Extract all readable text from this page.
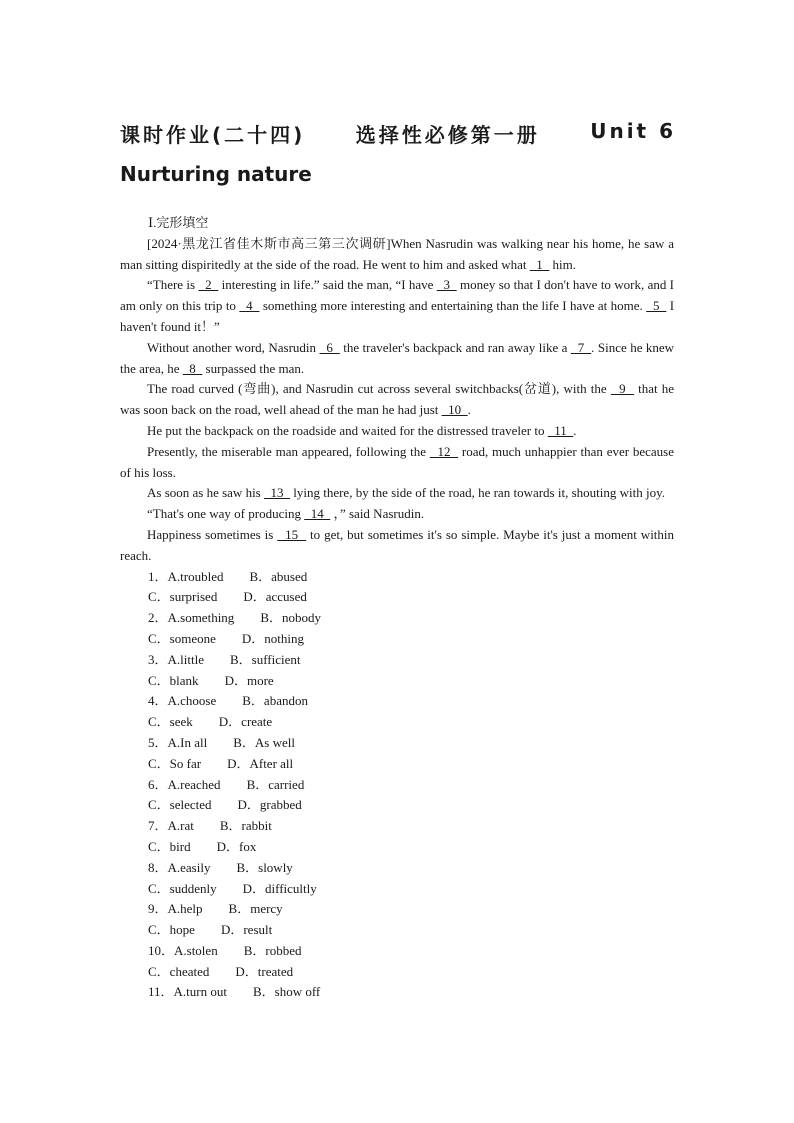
课时作业(二十四)	选择性必修第一册	Unit 6
Nurturing nature

Ⅰ.完形填空

[2024·黑龙江省佳木斯市高三第三次调研]When Nasrudin was walking near his home, he saw a man sitting dispiritedly at the side of the road. He went to him and asked what   1   him.

“There is   2   interesting in life.” said the man, “I have   3   money so that I don't have to work, and I am only on this trip to   4   something more interesting and entertaining than the life I have at home.   5   I haven't found it！”

Without another word, Nasrudin   6   the traveler's backpack and ran away like a   7  . Since he knew the area, he   8   surpassed the man.

The road curved (弯曲), and Nasrudin cut across several switchbacks(岔道), with the   9   that he was soon back on the road, well ahead of the man he had just   10  .

He put the backpack on the roadside and waited for the distressed traveler to   11  .

Presently, the miserable man appeared, following the   12   road, much unhappier than ever because of his loss.

As soon as he saw his   13   lying there, by the side of the road, he ran towards it, shouting with joy.

“That's one way of producing   14   ，” said Nasrudin.

Happiness sometimes is   15   to get, but sometimes it's so simple. Maybe it's just a moment within reach.

1．A.troubled B．abused

C．surprised D．accused

2．A.something B．nobody

C．someone D．nothing

3．A.little B．sufficient

C．blank D．more

4．A.choose B．abandon

C．seek D．create

5．A.In all B．As well

C．So far D．After all

6．A.reached B．carried

C．selected D．grabbed

7．A.rat B．rabbit

C．bird D．fox

8．A.easily B．slowly

C．suddenly D．difficultly

9．A.help B．mercy

C．hope D．result

10．A.stolen B．robbed

C．cheated D．treated

11．A.turn out B．show off
